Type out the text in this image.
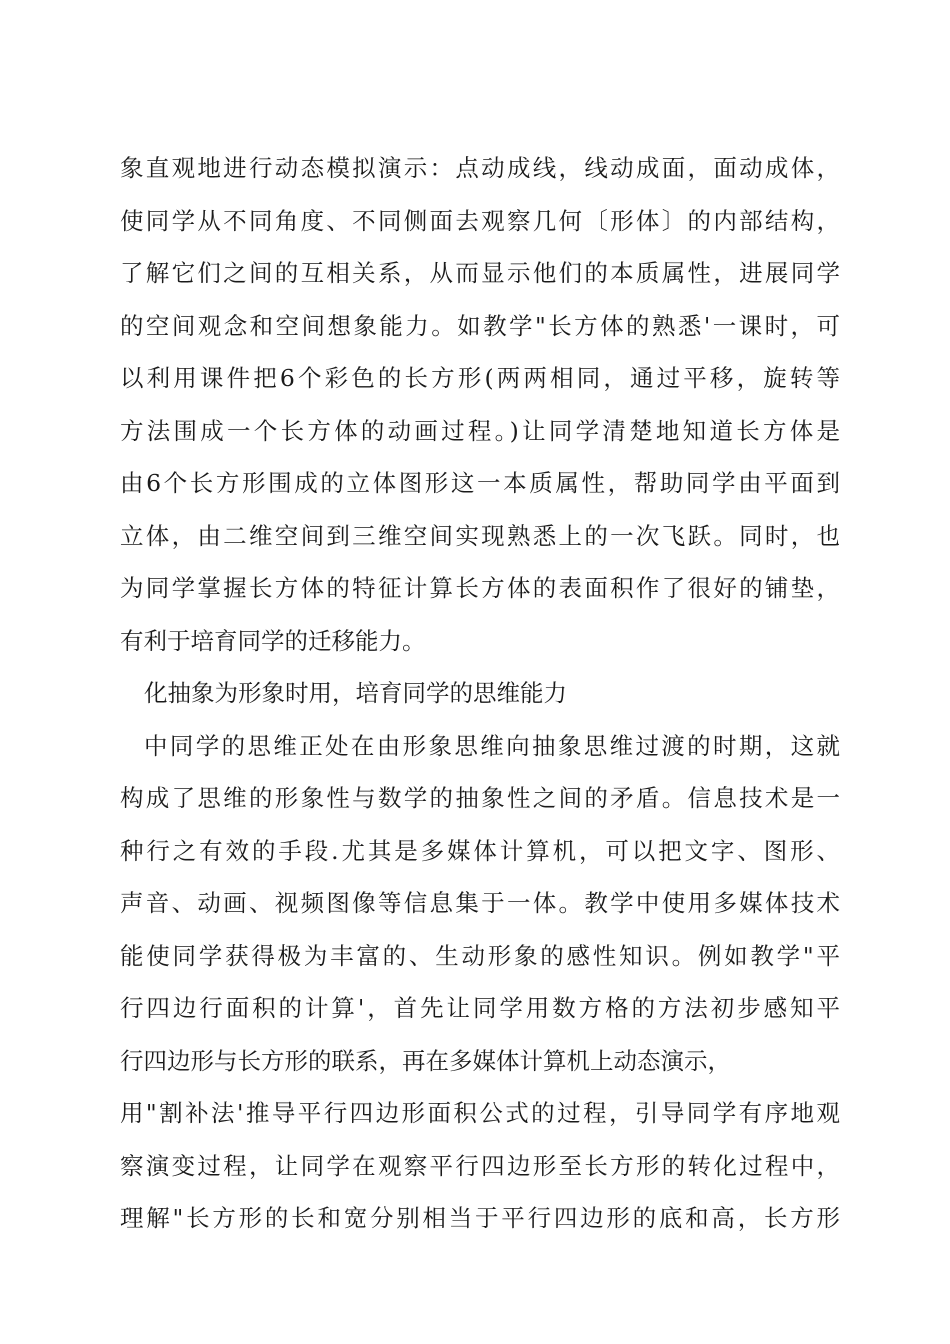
象直观地进行动态模拟演示：点动成线，线动成面，面动成体，
使同学从不同角度、不同侧面去观察几何〔形体〕的内部结构，
了解它们之间的互相关系，从而显示他们的本质属性，进展同学
的空间观念和空间想象能力。如教学"长方体的熟悉'一课时，可
以利用课件把6个彩色的长方形(两两相同，通过平移，旋转等
方法围成一个长方体的动画过程。)让同学清楚地知道长方体是
由6个长方形围成的立体图形这一本质属性，帮助同学由平面到
立体，由二维空间到三维空间实现熟悉上的一次飞跃。同时，也
为同学掌握长方体的特征计算长方体的表面积作了很好的铺垫，
有利于培育同学的迁移能力。
化抽象为形象时用，培育同学的思维能力
中同学的思维正处在由形象思维向抽象思维过渡的时期，这就
构成了思维的形象性与数学的抽象性之间的矛盾。信息技术是一
种行之有效的手段.尤其是多媒体计算机，可以把文字、图形、
声音、动画、视频图像等信息集于一体。教学中使用多媒体技术
能使同学获得极为丰富的、生动形象的感性知识。例如教学"平
行四边行面积的计算'，首先让同学用数方格的方法初步感知平
行四边形与长方形的联系，再在多媒体计算机上动态演示，
用"割补法'推导平行四边形面积公式的过程，引导同学有序地观
察演变过程，让同学在观察平行四边形至长方形的转化过程中，
理解"长方形的长和宽分别相当于平行四边形的底和高，长方形
